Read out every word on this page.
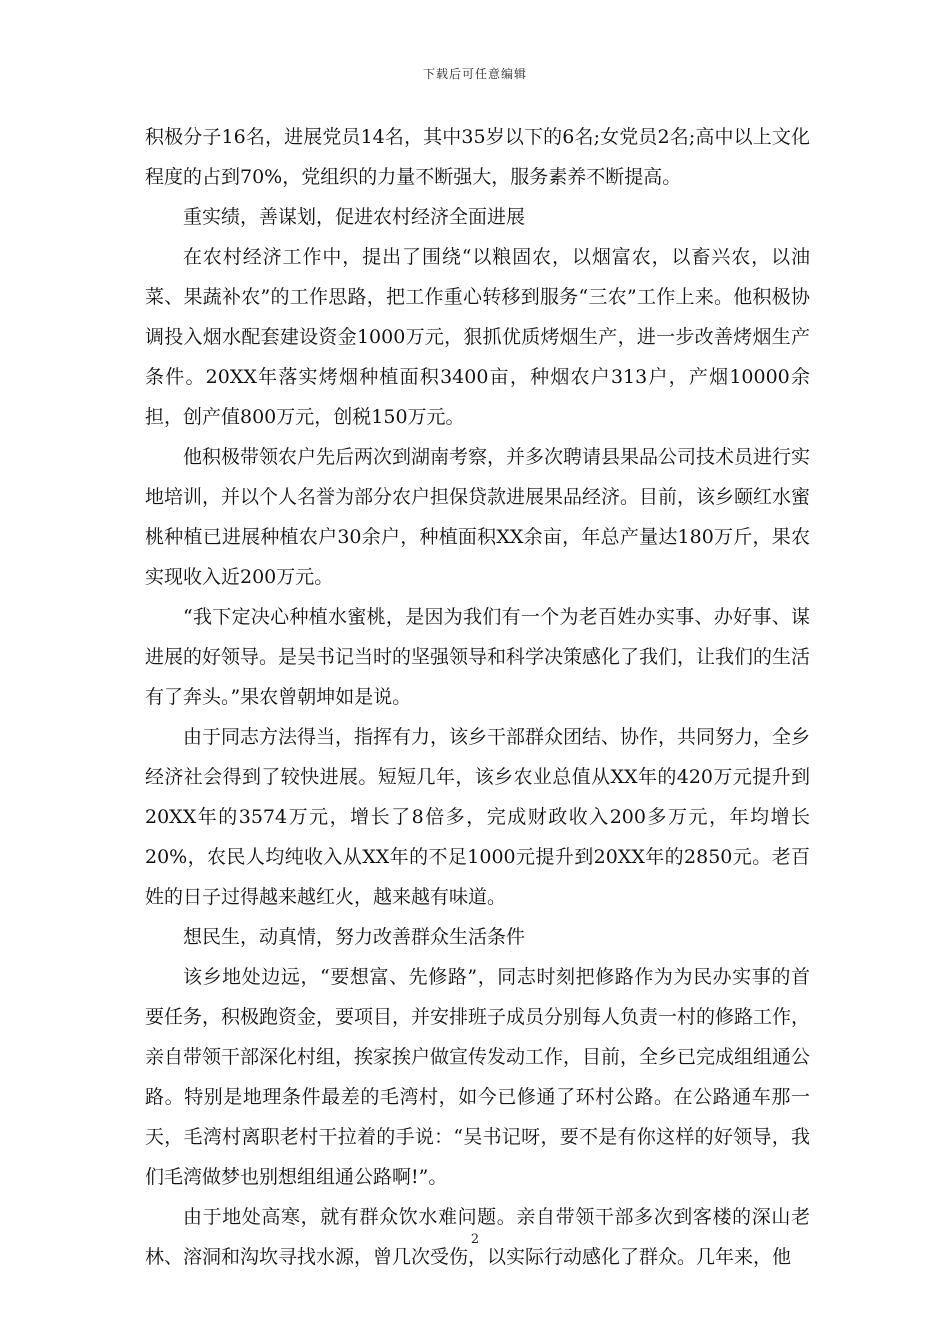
下载后可任意编辑

积极分子16名，进展党员14名，其中35岁以下的6名;女党员2名;高中以上文化程度的占到70%，党组织的力量不断强大，服务素养不断提高。

重实绩，善谋划，促进农村经济全面进展

在农村经济工作中，提出了围绕“以粮固农，以烟富农，以畜兴农，以油菜、果蔬补农”的工作思路，把工作重心转移到服务“三农”工作上来。他积极协调投入烟水配套建设资金1000万元，狠抓优质烤烟生产，进一步改善烤烟生产条件。20XX年落实烤烟种植面积3400亩，种烟农户313户，产烟10000余担，创产值800万元，创税150万元。

他积极带领农户先后两次到湖南考察，并多次聘请县果品公司技术员进行实地培训，并以个人名誉为部分农户担保贷款进展果品经济。目前，该乡颐红水蜜桃种植已进展种植农户30余户，种植面积XX余亩，年总产量达180万斤，果农实现收入近200万元。

“我下定决心种植水蜜桃，是因为我们有一个为老百姓办实事、办好事、谋进展的好领导。是吴书记当时的坚强领导和科学决策感化了我们，让我们的生活有了奔头。”果农曾朝坤如是说。

由于同志方法得当，指挥有力，该乡干部群众团结、协作，共同努力，全乡经济社会得到了较快进展。短短几年，该乡农业总值从XX年的420万元提升到20XX年的3574万元，增长了8倍多，完成财政收入200多万元，年均增长20%，农民人均纯收入从XX年的不足1000元提升到20XX年的2850元。老百姓的日子过得越来越红火，越来越有味道。

想民生，动真情，努力改善群众生活条件

该乡地处边远，“要想富、先修路”，同志时刻把修路作为为民办实事的首要任务，积极跑资金，要项目，并安排班子成员分别每人负责一村的修路工作，亲自带领干部深化村组，挨家挨户做宣传发动工作，目前，全乡已完成组组通公路。特别是地理条件最差的毛湾村，如今已修通了环村公路。在公路通车那一天，毛湾村离职老村干拉着的手说：“吴书记呀，要不是有你这样的好领导，我们毛湾做梦也别想组组通公路啊!”。

由于地处高寒，就有群众饮水难问题。亲自带领干部多次到客楼的深山老林、溶洞和沟坎寻找水源，曾几次受伤，以实际行动感化了群众。几年来，他

2
